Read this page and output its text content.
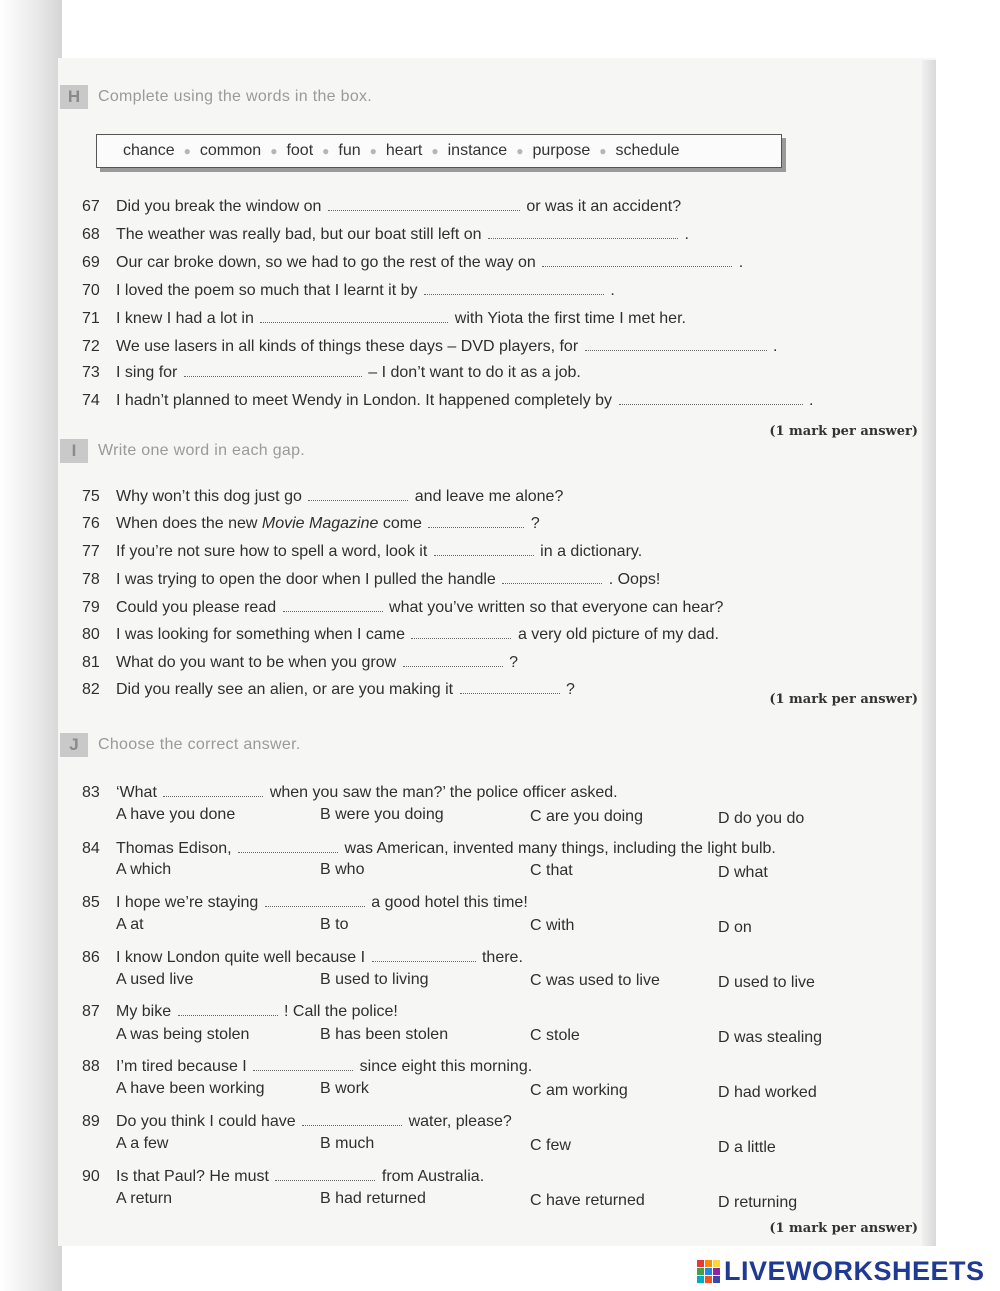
H	Complete using the words in the box.
chance ● common ● foot ● fun ● heart ● instance ● purpose ● schedule
67 Did you break the window on	or was it an accident?
68 The weather was really bad, but our boat still left on	.
69 Our car broke down, so we had to go the rest of the way on	.
70 I loved the poem so much that I learnt it by	.
71 I knew I had a lot in	with Yiota the first time I met her.
72 We use lasers in all kinds of things these days – DVD players, for	.
73 I sing for	– I don’t want to do it as a job.
74 I hadn’t planned to meet Wendy in London. It happened completely by	.
(1 mark per answer)
I	Write one word in each gap.
75 Why won’t this dog just go	and leave me alone?
76 When does the new Movie Magazine come	?
77 If you’re not sure how to spell a word, look it	in a dictionary.
78 I was trying to open the door when I pulled the handle	. Oops!
79 Could you please read	what you’ve written so that everyone can hear?
80 I was looking for something when I came	a very old picture of my dad.
81 What do you want to be when you grow	?
82 Did you really see an alien, or are you making it	?
(1 mark per answer)
J	Choose the correct answer.
83 ‘What	when you saw the man?’ the police officer asked.
A have you done	B were you doing	C are you doing	D do you do
84 Thomas Edison,	was American, invented many things, including the light bulb.
A which	B who	C that	D what
85 I hope we’re staying	a good hotel this time!
A at	B to	C with	D on
86 I know London quite well because I	there.
A used live	B used to living	C was used to live	D used to live
87 My bike	! Call the police!
A was being stolen	B has been stolen	C stole	D was stealing
88 I’m tired because I	since eight this morning.
A have been working	B work	C am working	D had worked
89 Do you think I could have	water, please?
A a few	B much	C few	D a little
90 Is that Paul? He must	from Australia.
A return	B had returned	C have returned	D returning
(1 mark per answer)
LIVEWORKSHEETS
